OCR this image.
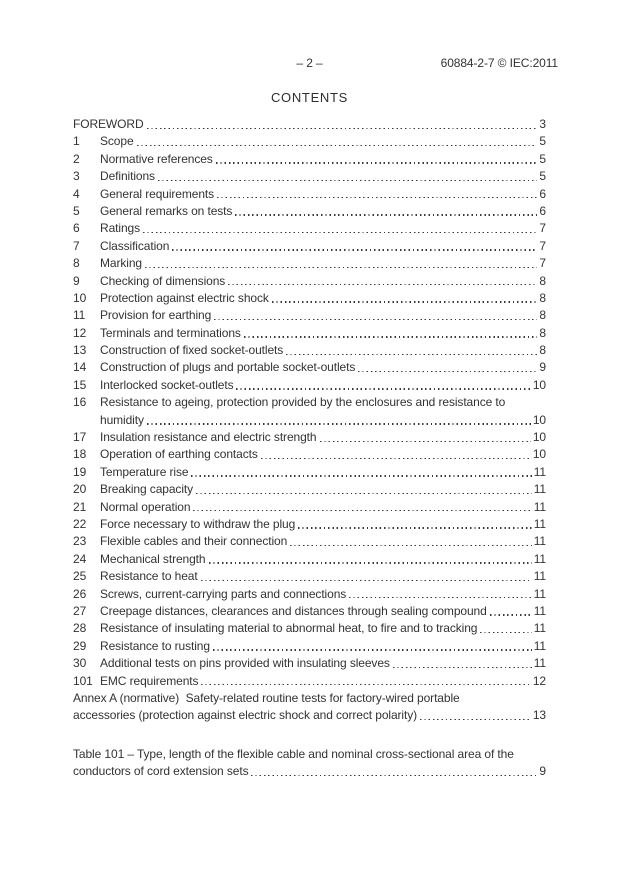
– 2 –	60884-2-7 © IEC:2011
CONTENTS
FOREWORD	3
1	Scope	5
2	Normative references	5
3	Definitions	5
4	General requirements	6
5	General remarks on tests	6
6	Ratings	7
7	Classification	7
8	Marking	7
9	Checking of dimensions	8
10	Protection against electric shock	8
11	Provision for earthing	8
12	Terminals and terminations	8
13	Construction of fixed socket-outlets	8
14	Construction of plugs and portable socket-outlets	9
15	Interlocked socket-outlets	10
16	Resistance to ageing, protection provided by the enclosures and resistance to
humidity	10
17	Insulation resistance and electric strength	10
18	Operation of earthing contacts	10
19	Temperature rise	11
20	Breaking capacity	11
21	Normal operation	11
22	Force necessary to withdraw the plug	11
23	Flexible cables and their connection	11
24	Mechanical strength	11
25	Resistance to heat	11
26	Screws, current-carrying parts and connections	11
27	Creepage distances, clearances and distances through sealing compound	11
28	Resistance of insulating material to abnormal heat, to fire and to tracking	11
29	Resistance to rusting	11
30	Additional tests on pins provided with insulating sleeves	11
101 EMC requirements	12
Annex A (normative)  Safety-related routine tests for factory-wired portable
accessories (protection against electric shock and correct polarity)	13
Table 101 – Type, length of the flexible cable and nominal cross-sectional area of the
conductors of cord extension sets	9
